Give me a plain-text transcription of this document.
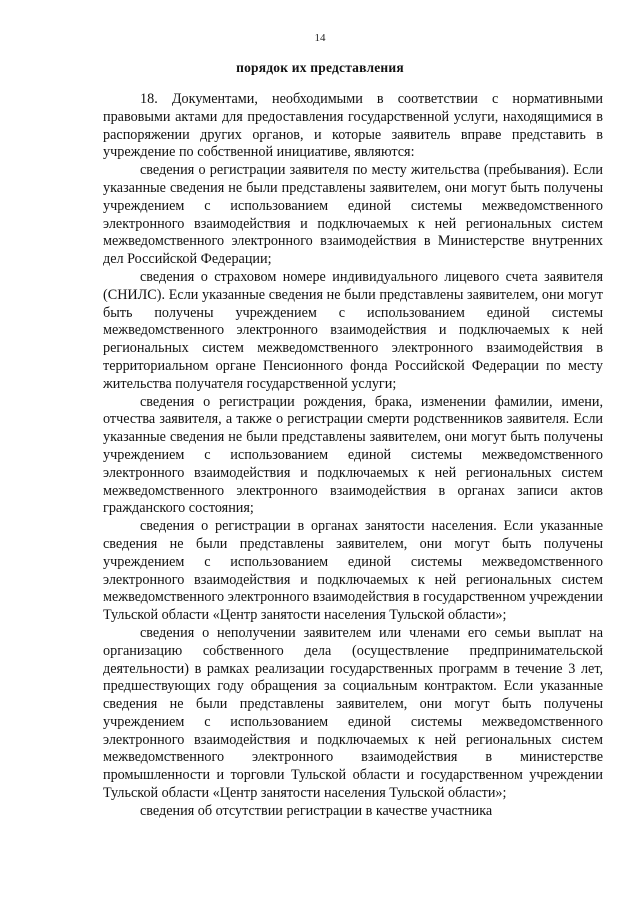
14
порядок их представления

18. Документами, необходимыми в соответствии с нормативными правовыми актами для предоставления государственной услуги, находящимися в распоряжении других органов, и которые заявитель вправе представить в учреждение по собственной инициативе, являются:

сведения о регистрации заявителя по месту жительства (пребывания). Если указанные сведения не были представлены заявителем, они могут быть получены учреждением с использованием единой системы межведомственного электронного взаимодействия и подключаемых к ней региональных систем межведомственного электронного взаимодействия в Министерстве внутренних дел Российской Федерации;

сведения о страховом номере индивидуального лицевого счета заявителя (СНИЛС). Если указанные сведения не были представлены заявителем, они могут быть получены учреждением с использованием единой системы межведомственного электронного взаимодействия и подключаемых к ней региональных систем межведомственного электронного взаимодействия в территориальном органе Пенсионного фонда Российской Федерации по месту жительства получателя государственной услуги;

сведения о регистрации рождения, брака, изменении фамилии, имени, отчества заявителя, а также о регистрации смерти родственников заявителя. Если указанные сведения не были представлены заявителем, они могут быть получены учреждением с использованием единой системы межведомственного электронного взаимодействия и подключаемых к ней региональных систем межведомственного электронного взаимодействия в органах записи актов гражданского состояния;

сведения о регистрации в органах занятости населения. Если указанные сведения не были представлены заявителем, они могут быть получены учреждением с использованием единой системы межведомственного электронного взаимодействия и подключаемых к ней региональных систем межведомственного электронного взаимодействия в государственном учреждении Тульской области «Центр занятости населения Тульской области»;

сведения о неполучении заявителем или членами его семьи выплат на организацию собственного дела (осуществление предпринимательской деятельности) в рамках реализации государственных программ в течение 3 лет, предшествующих году обращения за социальным контрактом. Если указанные сведения не были представлены заявителем, они могут быть получены учреждением с использованием единой системы межведомственного электронного взаимодействия и подключаемых к ней региональных систем межведомственного электронного взаимодействия в министерстве промышленности и торговли Тульской области и государственном учреждении Тульской области «Центр занятости населения Тульской области»;

сведения об отсутствии регистрации в качестве участника
